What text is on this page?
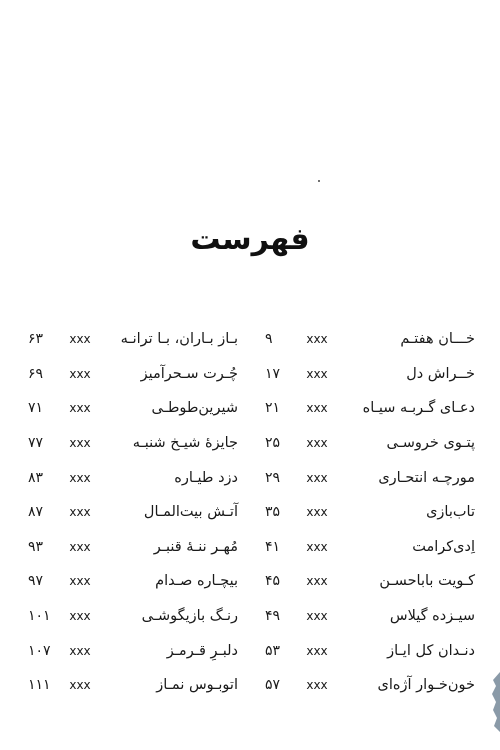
فهرست
خـــان هفتـم
xxx
۹
خــراش دل
xxx
۱۷
دعـای گـربـه سیـاه
xxx
۲۱
پتـوی خروسـی
xxx
۲۵
مورچـه انتحـاری
xxx
۲۹
تاب‌بازی
xxx
۳۵
اِدی‌کرامت
xxx
۴۱
کـویت باباحسـن
xxx
۴۵
سیـزده گیلاس
xxx
۴۹
دنـدان کل ایـاز
xxx
۵۳
خون‌خـوار آژه‌ای
xxx
۵۷
بـاز بـاران، بـا ترانـه
xxx
۶۳
چُـرت سـحرآمیز
xxx
۶۹
شیرین‌طوطـی
xxx
۷۱
جایزهٔ شیـخ شنبـه
xxx
۷۷
دزد طیـاره
xxx
۸۳
آتـش بیت‌المـال
xxx
۸۷
مُهـر ننـهٔ قنبـر
xxx
۹۳
بیچـاره صـدام
xxx
۹۷
رنـگ بازیگوشـی
xxx
۱۰۱
دلبـرِ قـرمـز
xxx
۱۰۷
اتوبـوس نمـاز
xxx
۱۱۱
